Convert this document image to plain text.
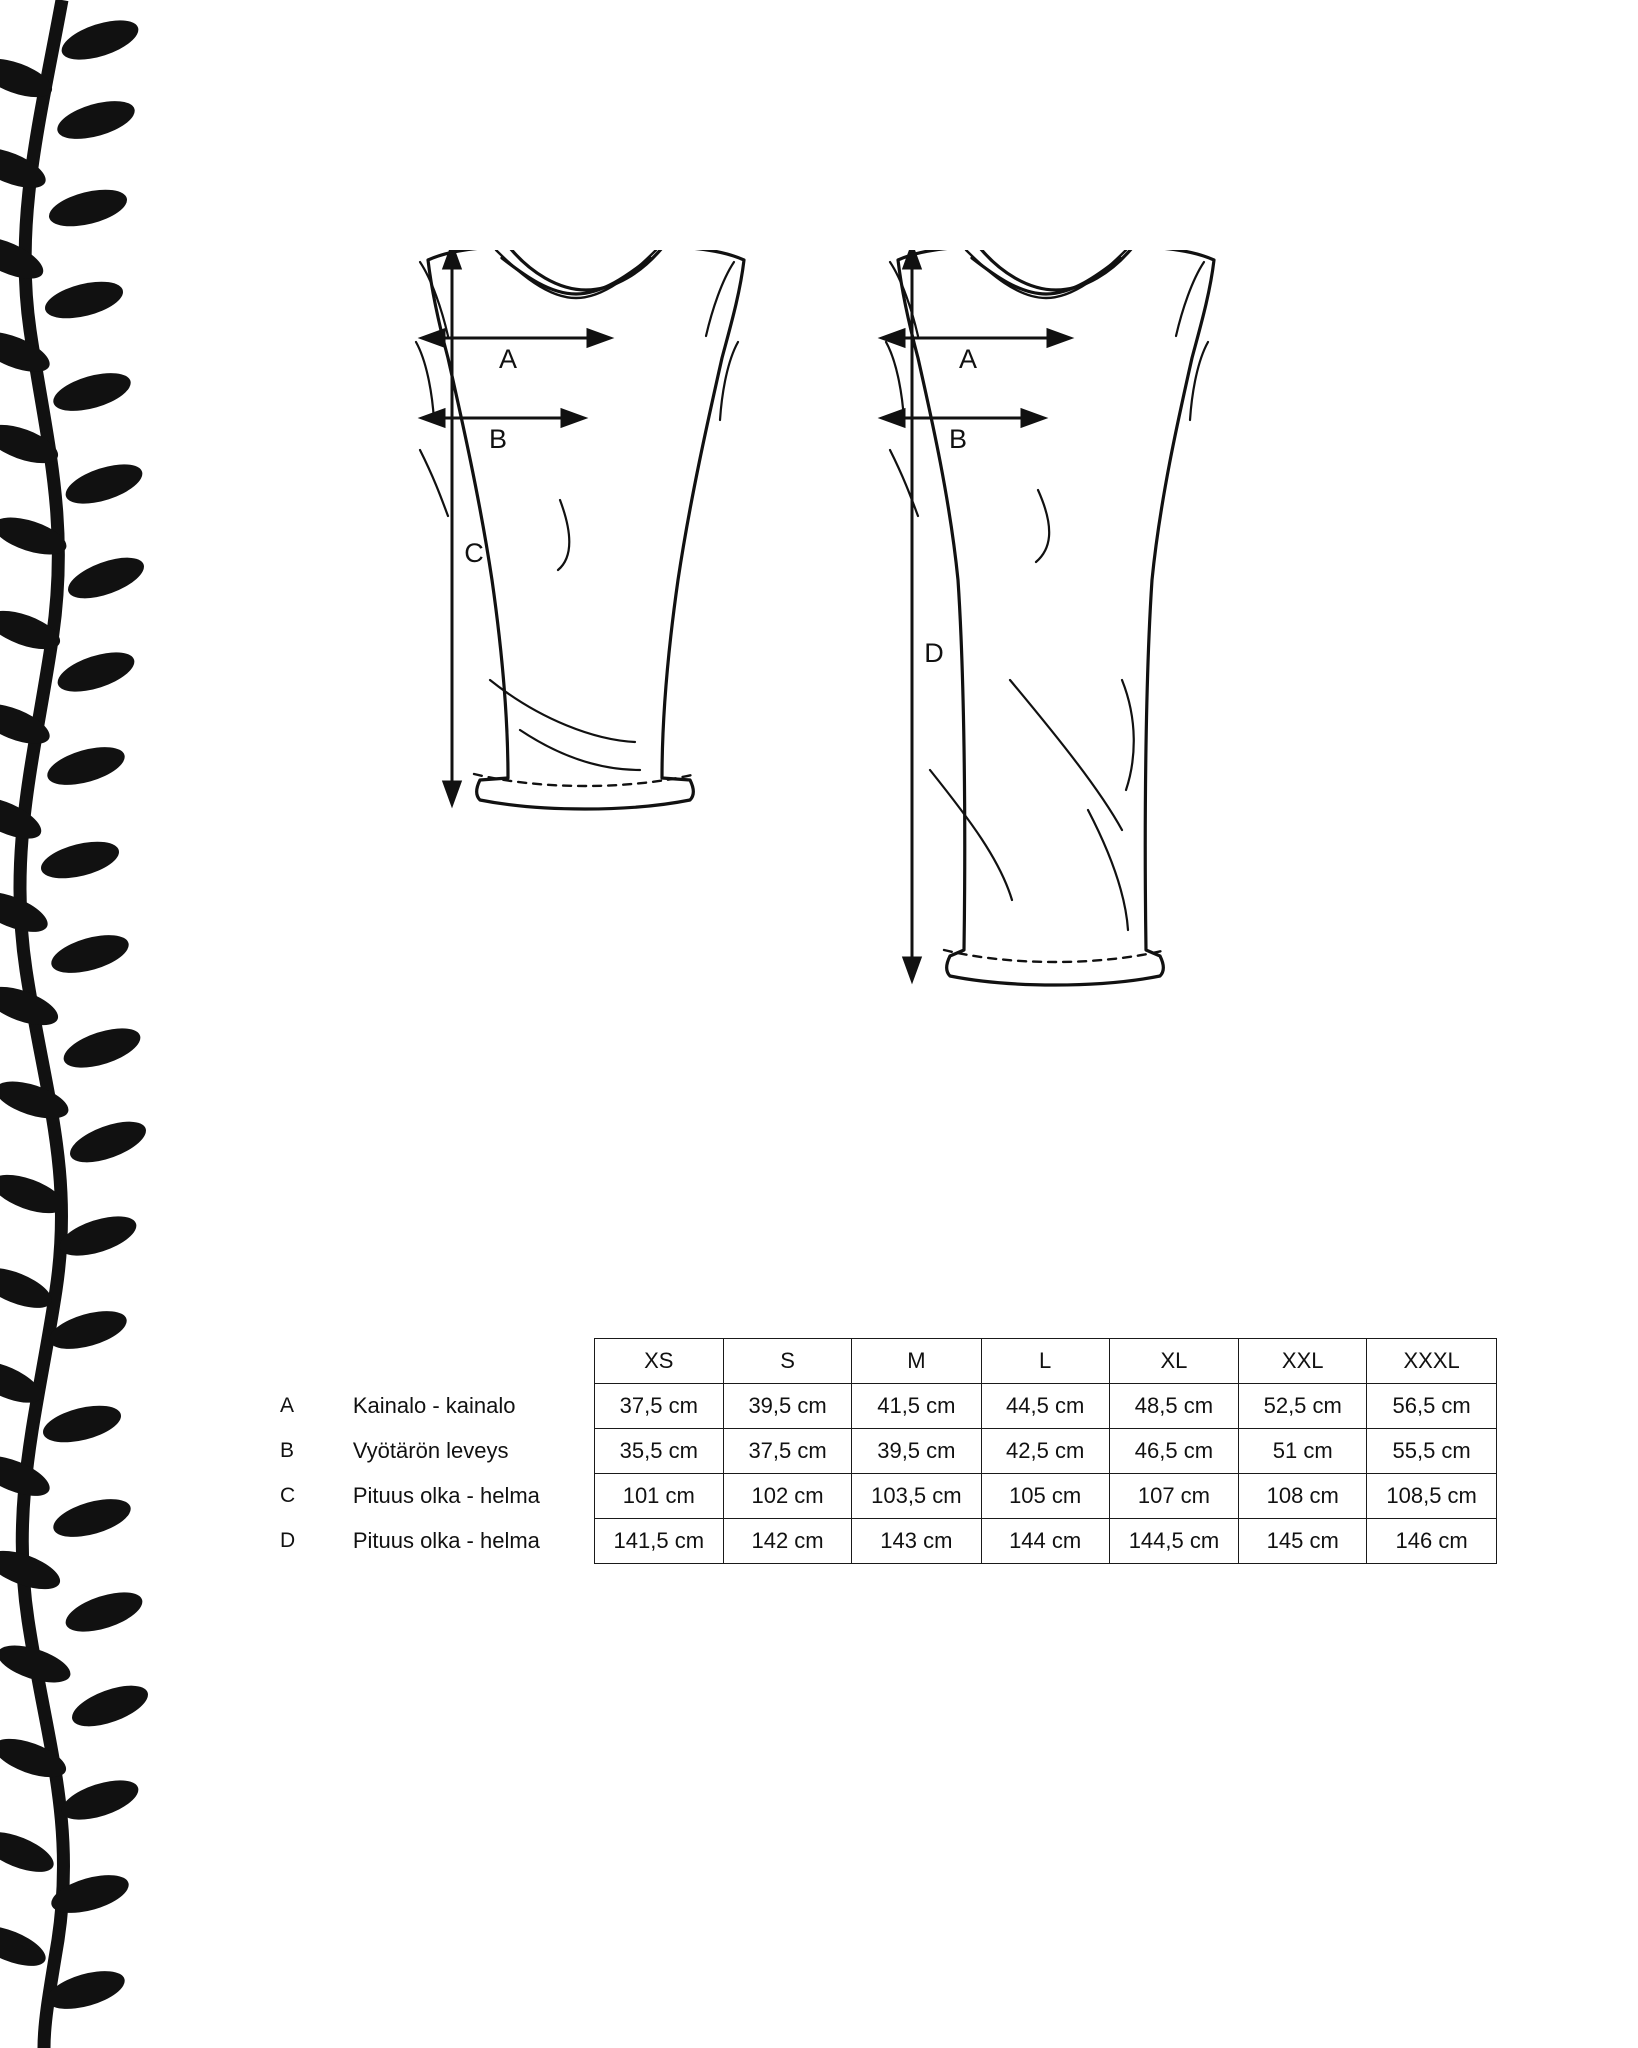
A
B
C
A
B
D
		XS	S	M	L	XL	XXL	XXXL
A	Kainalo - kainalo	37,5 cm	39,5 cm	41,5 cm	44,5 cm	48,5 cm	52,5 cm	56,5 cm
B	Vyötärön leveys	35,5 cm	37,5 cm	39,5 cm	42,5 cm	46,5 cm	51 cm	55,5 cm
C	Pituus olka - helma	101 cm	102 cm	103,5 cm	105 cm	107 cm	108 cm	108,5 cm
D	Pituus olka - helma	141,5 cm	142 cm	143 cm	144 cm	144,5 cm	145 cm	146 cm
